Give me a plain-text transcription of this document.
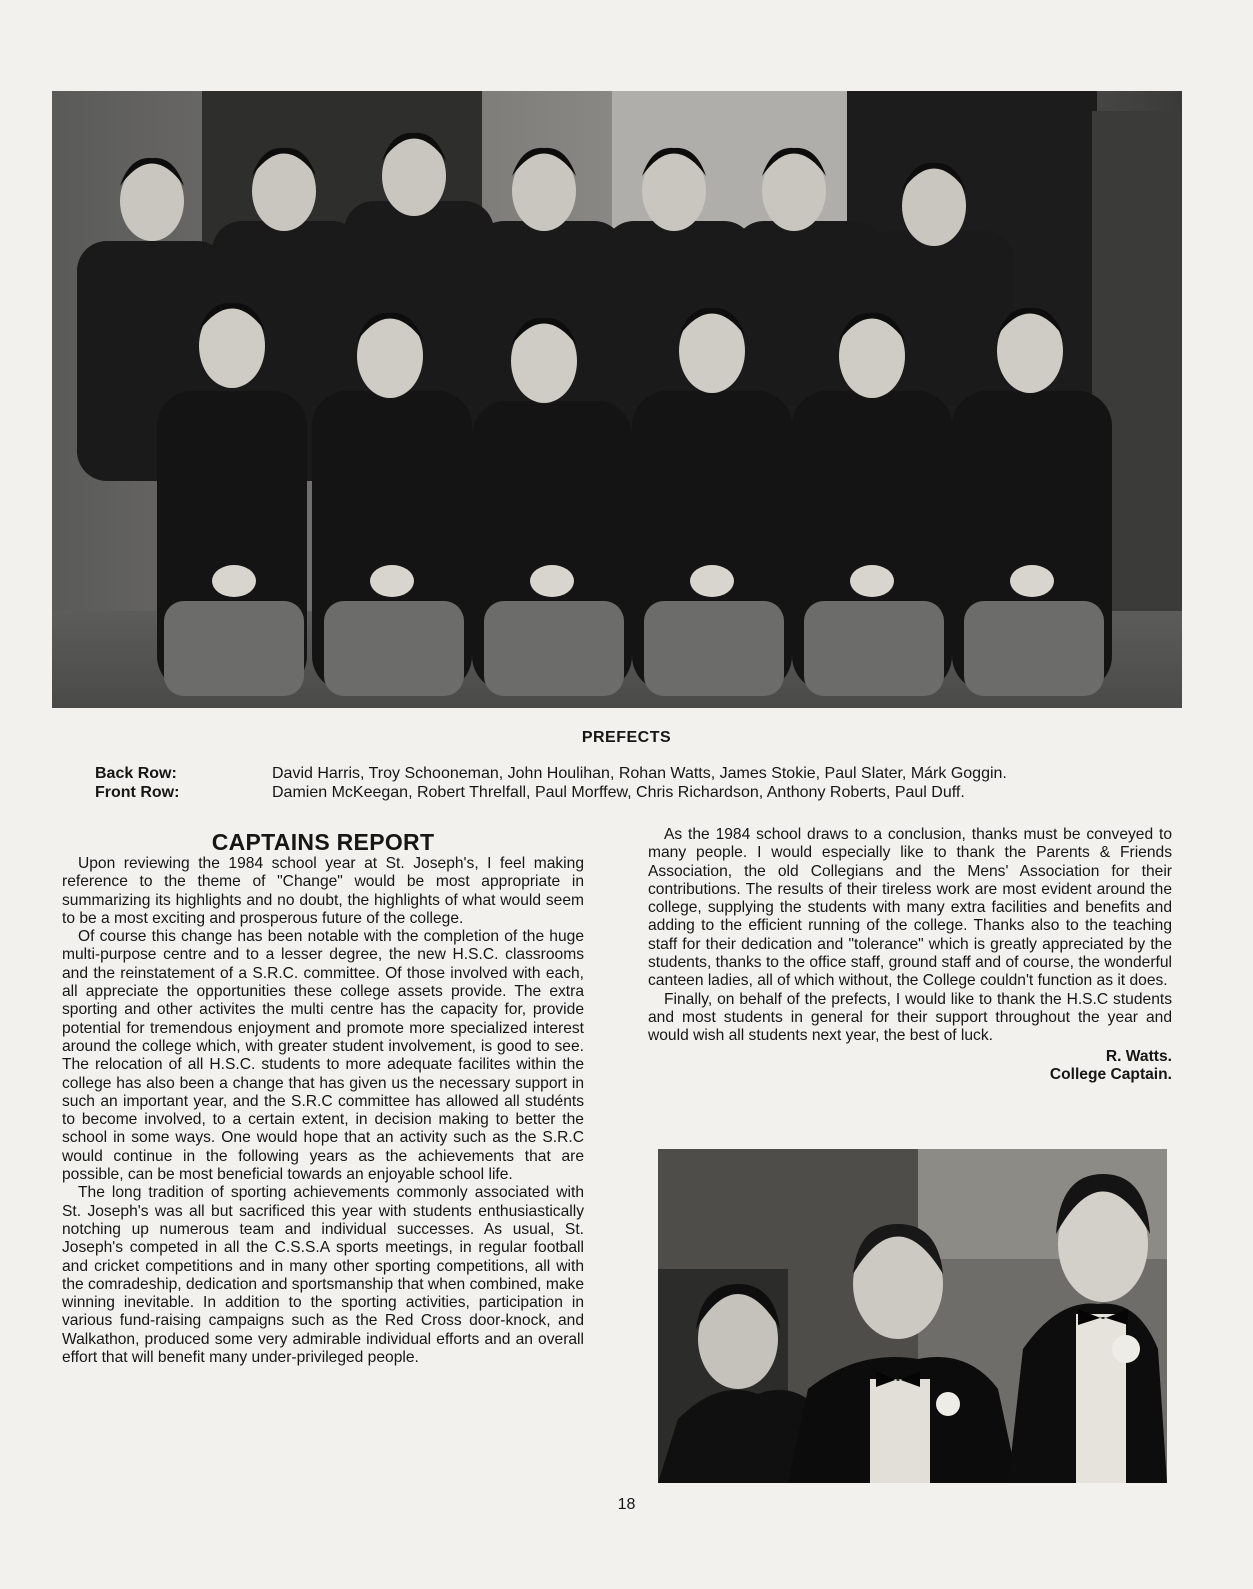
PREFECTS
Back Row:	David Harris, Troy Schooneman, John Houlihan, Rohan Watts, James Stokie, Paul Slater, Márk Goggin.
Front Row:	Damien McKeegan, Robert Threlfall, Paul Morffew, Chris Richardson, Anthony Roberts, Paul Duff.
CAPTAINS REPORT

Upon reviewing the 1984 school year at St. Joseph's, I feel making reference to the theme of "Change" would be most appropriate in summarizing its highlights and no doubt, the highlights of what would seem to be a most exciting and prosperous future of the college.

Of course this change has been notable with the completion of the huge multi-purpose centre and to a lesser degree, the new H.S.C. classrooms and the reinstatement of a S.R.C. committee. Of those involved with each, all appreciate the opportunities these college assets provide. The extra sporting and other activites the multi centre has the capacity for, provide potential for tremendous enjoyment and promote more specialized interest around the college which, with greater student involvement, is good to see. The relocation of all H.S.C. students to more adequate facilites within the college has also been a change that has given us the necessary support in such an important year, and the S.R.C committee has allowed all studénts to become involved, to a certain extent, in decision making to better the school in some ways. One would hope that an activity such as the S.R.C would continue in the following years as the achievements that are possible, can be most beneficial towards an enjoyable school life.

The long tradition of sporting achievements commonly associated with St. Joseph's was all but sacrificed this year with students enthusiastically notching up numerous team and individual successes. As usual, St. Joseph's competed in all the C.S.S.A sports meetings, in regular football and cricket competitions and in many other sporting competitions, all with the comradeship, dedication and sportsmanship that when combined, make winning inevitable. In addition to the sporting activities, participation in various fund-raising campaigns such as the Red Cross door-knock, and Walkathon, produced some very admirable individual efforts and an overall effort that will benefit many under-privileged people.

As the 1984 school draws to a conclusion, thanks must be conveyed to many people. I would especially like to thank the Parents & Friends Association, the old Collegians and the Mens' Association for their contributions. The results of their tireless work are most evident around the college, supplying the students with many extra facilities and benefits and adding to the efficient running of the college. Thanks also to the teaching staff for their dedication and "tolerance" which is greatly appreciated by the students, thanks to the office staff, ground staff and of course, the wonderful canteen ladies, all of which without, the College couldn't function as it does.

Finally, on behalf of the prefects, I would like to thank the H.S.C students and most students in general for their support throughout the year and would wish all students next year, the best of luck.

R. Watts.
College Captain.
18
